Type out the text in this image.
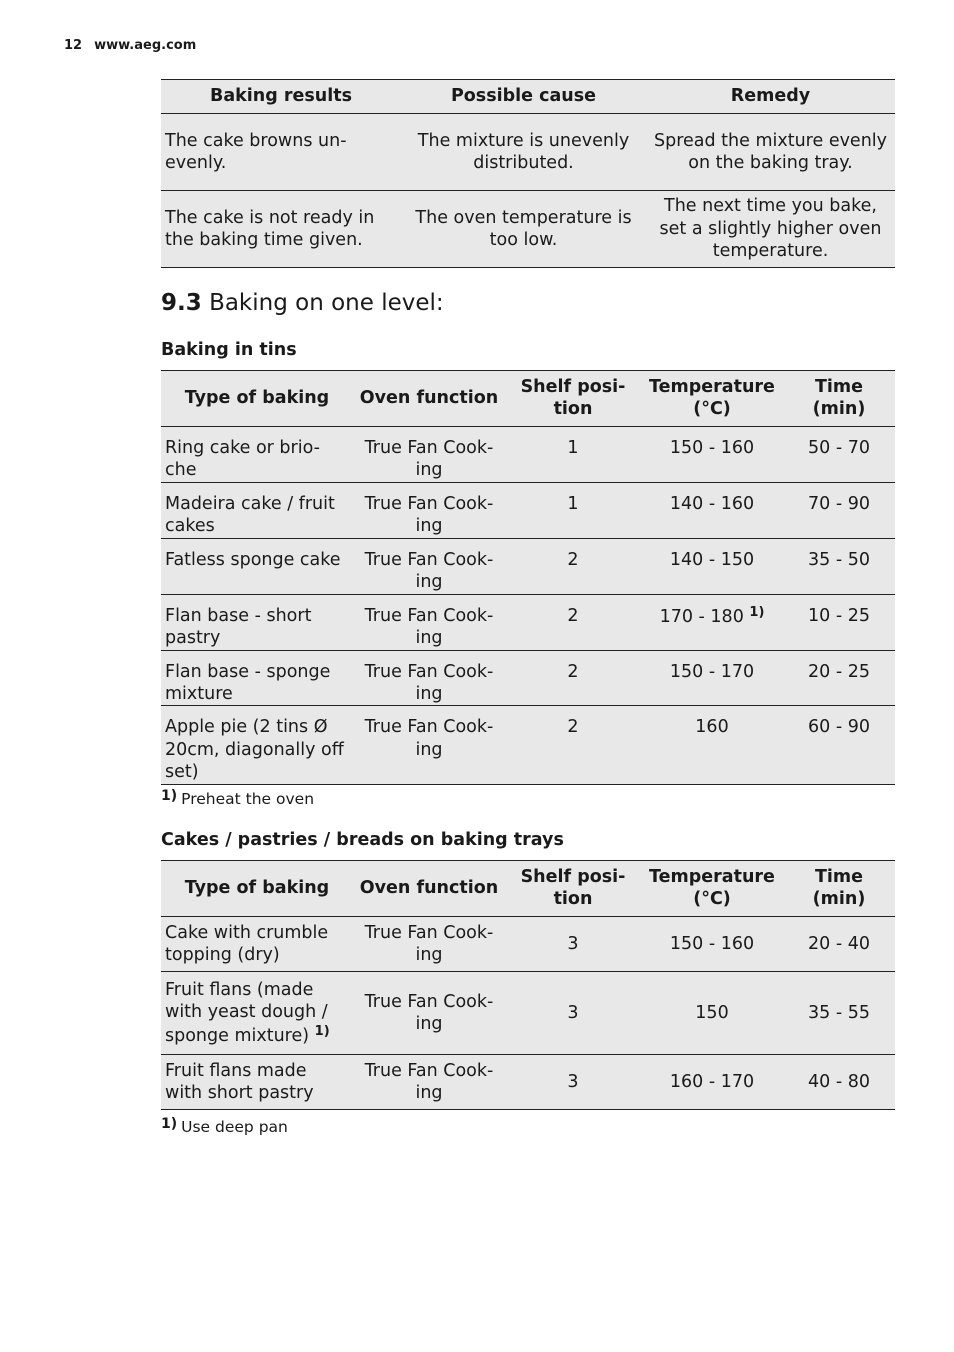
12 www.aeg.com
Baking results	Possible cause	Remedy
The cake browns un-evenly.	The mixture is unevenly distributed.	Spread the mixture evenly on the baking tray.
The cake is not ready in the baking time given.	The oven temperature is too low.	The next time you bake, set a slightly higher oven temperature.
9.3 Baking on one level:
Baking in tins
Type of baking	Oven function	Shelf posi-tion	Temperature (°C)	Time (min)
Ring cake or brio-che	True Fan Cook-ing	1	150 - 160	50 - 70
Madeira cake / fruit cakes	True Fan Cook-ing	1	140 - 160	70 - 90
Fatless sponge cake	True Fan Cook-ing	2	140 - 150	35 - 50
Flan base - short pastry	True Fan Cook-ing	2	170 - 180 $^{1)}$	10 - 25
Flan base - sponge mixture	True Fan Cook-ing	2	150 - 170	20 - 25
Apple pie (2 tins Ø 20cm, diagonally off set)	True Fan Cook-ing	2	160	60 - 90
$^{1)}$ Preheat the oven
Cakes / pastries / breads on baking trays
Type of baking	Oven function	Shelf posi-tion	Temperature (°C)	Time (min)
Cake with crumble topping (dry)	True Fan Cook-ing	3	150 - 160	20 - 40
Fruit flans (made with yeast dough / sponge mixture) $^{1)}$	True Fan Cook-ing	3	150	35 - 55
Fruit flans made with short pastry	True Fan Cook-ing	3	160 - 170	40 - 80
$^{1)}$ Use deep pan
